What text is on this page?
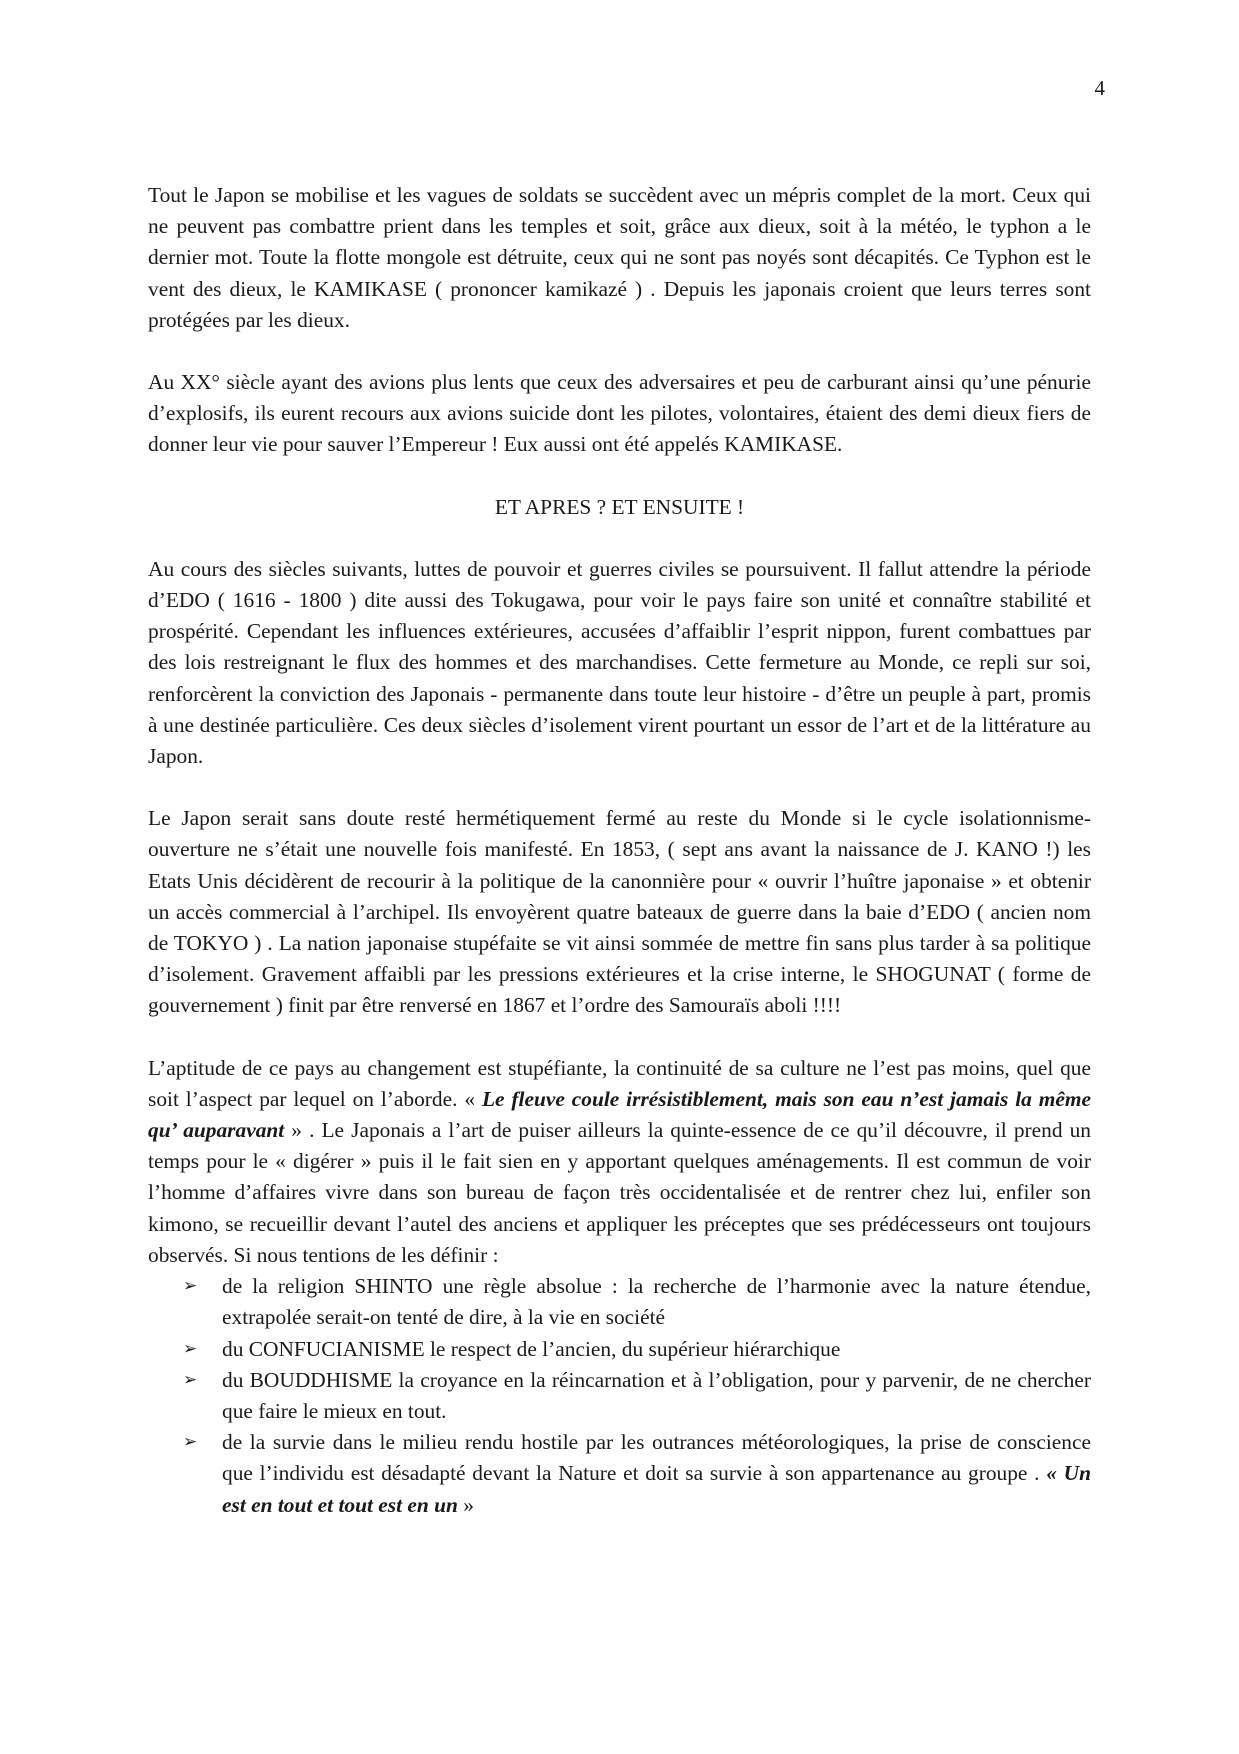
4

Tout le Japon se mobilise et les vagues de soldats se succèdent avec un mépris complet de la mort. Ceux qui ne peuvent pas combattre prient dans les temples et soit, grâce aux dieux, soit à la météo, le typhon a le dernier mot. Toute la flotte mongole est détruite, ceux qui ne sont pas noyés sont décapités. Ce Typhon est le vent des dieux, le KAMIKASE ( prononcer kamikazé ) . Depuis les japonais croient que leurs terres sont protégées par les dieux.

Au XX° siècle ayant des avions plus lents que ceux des adversaires et peu de carburant ainsi qu’une pénurie d’explosifs, ils eurent recours aux avions suicide dont les pilotes, volontaires, étaient des demi dieux fiers de donner leur vie pour sauver l’Empereur ! Eux aussi ont été appelés KAMIKASE.

ET APRES ? ET ENSUITE !

Au cours des siècles suivants, luttes de pouvoir et guerres civiles se poursuivent. Il fallut attendre la période d’EDO ( 1616 - 1800 ) dite aussi des Tokugawa, pour voir le pays faire son unité et connaître stabilité et prospérité. Cependant les influences extérieures, accusées d’affaiblir l’esprit nippon, furent combattues par des lois restreignant le flux des hommes et des marchandises. Cette fermeture au Monde, ce repli sur soi, renforcèrent la conviction des Japonais - permanente dans toute leur histoire - d’être un peuple à part, promis à une destinée particulière. Ces deux siècles d’isolement virent pourtant un essor de l’art et de la littérature au Japon.

Le Japon serait sans doute resté hermétiquement fermé au reste du Monde si le cycle isolationnisme-ouverture ne s’était une nouvelle fois manifesté. En 1853, ( sept ans avant la naissance de J. KANO !) les Etats Unis décidèrent de recourir à la politique de la canonnière pour « ouvrir l’huître japonaise » et obtenir un accès commercial à l’archipel. Ils envoyèrent quatre bateaux de guerre dans la baie d’EDO ( ancien nom de TOKYO ) . La nation japonaise stupéfaite se vit ainsi sommée de mettre fin sans plus tarder à sa politique d’isolement. Gravement affaibli par les pressions extérieures et la crise interne, le SHOGUNAT ( forme de gouvernement ) finit par être renversé en 1867 et l’ordre des Samouraïs aboli !!!!

L’aptitude de ce pays au changement est stupéfiante, la continuité de sa culture ne l’est pas moins, quel que soit l’aspect par lequel on l’aborde. « Le fleuve coule irrésistiblement, mais son eau n’est jamais la même qu’ auparavant » . Le Japonais a l’art de puiser ailleurs la quinte-essence de ce qu’il découvre, il prend un temps pour le « digérer » puis il le fait sien en y apportant quelques aménagements. Il est commun de voir l’homme d’affaires vivre dans son bureau de façon très occidentalisée et de rentrer chez lui, enfiler son kimono, se recueillir devant l’autel des anciens et appliquer les préceptes que ses prédécesseurs ont toujours observés. Si nous tentions de les définir :

➢ de la religion SHINTO une règle absolue : la recherche de l’harmonie avec la nature étendue, extrapolée serait-on tenté de dire, à la vie en société
➢ du CONFUCIANISME le respect de l’ancien, du supérieur hiérarchique
➢ du BOUDDHISME la croyance en la réincarnation et à l’obligation, pour y parvenir, de ne chercher que faire le mieux en tout.
➢ de la survie dans le milieu rendu hostile par les outrances météorologiques, la prise de conscience que l’individu est désadapté devant la Nature et doit sa survie à son appartenance au groupe . « Un est en tout et tout est en un »
